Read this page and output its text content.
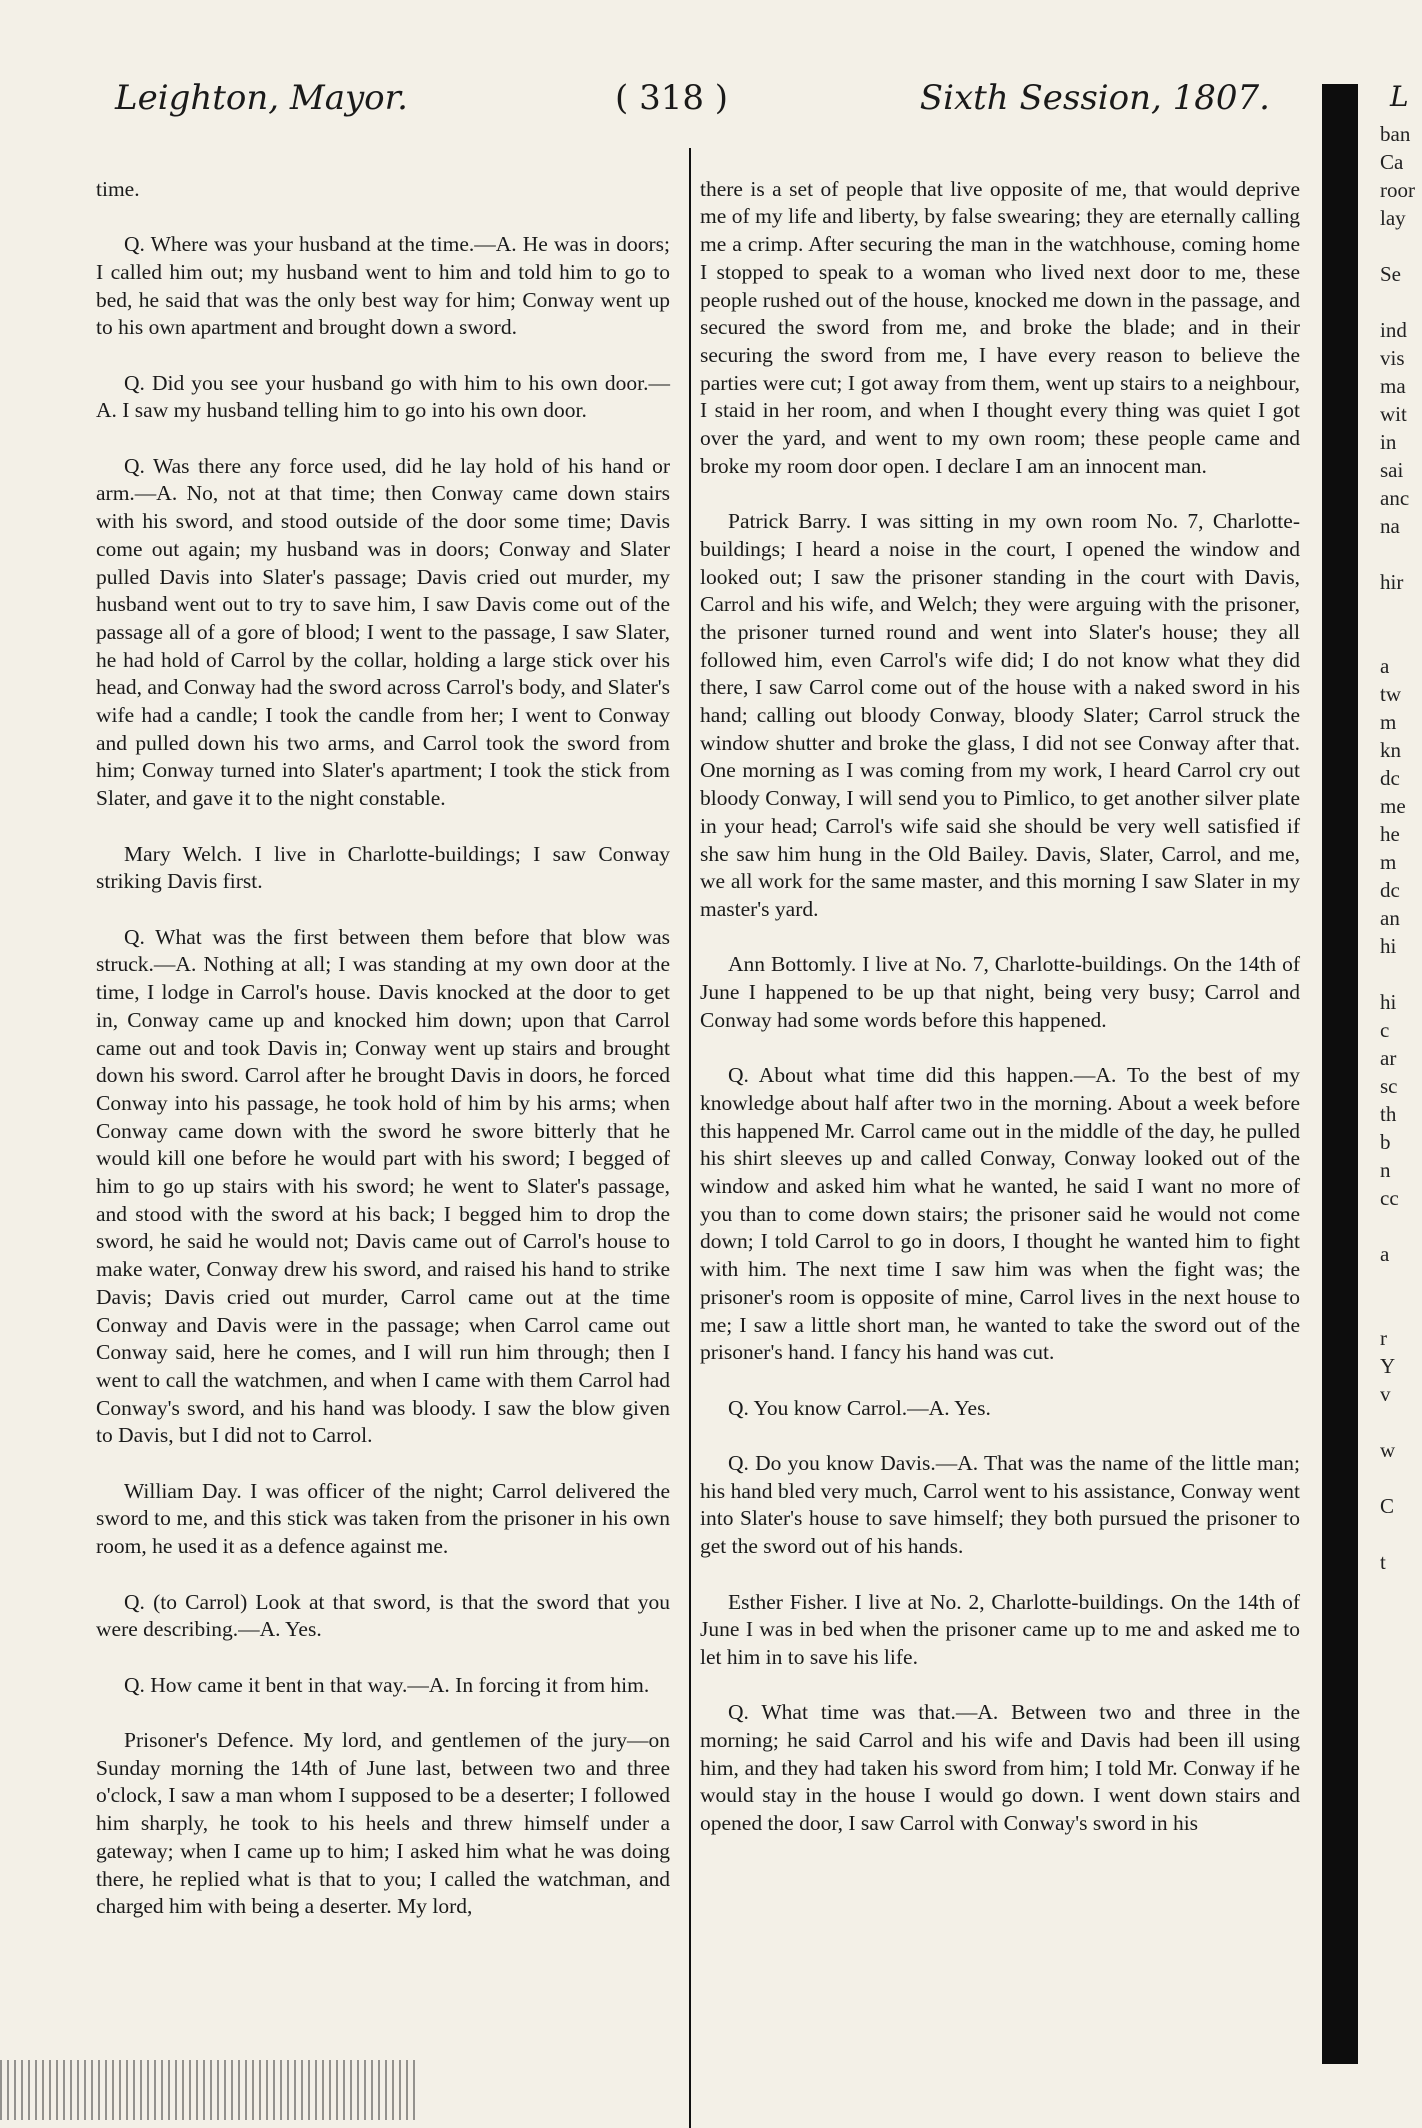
Leighton, Mayor.	( 318 )	Sixth Session, 1807.

time.

Q. Where was your husband at the time.—A. He was in doors; I called him out; my husband went to him and told him to go to bed, he said that was the only best way for him; Conway went up to his own apartment and brought down a sword.

Q. Did you see your husband go with him to his own door.—A. I saw my husband telling him to go into his own door.

Q. Was there any force used, did he lay hold of his hand or arm.—A. No, not at that time; then Conway came down stairs with his sword, and stood outside of the door some time; Davis come out again; my husband was in doors; Conway and Slater pulled Davis into Slater's passage; Davis cried out murder, my husband went out to try to save him, I saw Davis come out of the passage all of a gore of blood; I went to the passage, I saw Slater, he had hold of Carrol by the collar, holding a large stick over his head, and Conway had the sword across Carrol's body, and Slater's wife had a candle; I took the candle from her; I went to Conway and pulled down his two arms, and Carrol took the sword from him; Conway turned into Slater's apartment; I took the stick from Slater, and gave it to the night constable.

Mary Welch. I live in Charlotte-buildings; I saw Conway striking Davis first.

Q. What was the first between them before that blow was struck.—A. Nothing at all; I was standing at my own door at the time, I lodge in Carrol's house. Davis knocked at the door to get in, Conway came up and knocked him down; upon that Carrol came out and took Davis in; Conway went up stairs and brought down his sword. Carrol after he brought Davis in doors, he forced Conway into his passage, he took hold of him by his arms; when Conway came down with the sword he swore bitterly that he would kill one before he would part with his sword; I begged of him to go up stairs with his sword; he went to Slater's passage, and stood with the sword at his back; I begged him to drop the sword, he said he would not; Davis came out of Carrol's house to make water, Conway drew his sword, and raised his hand to strike Davis; Davis cried out murder, Carrol came out at the time Conway and Davis were in the passage; when Carrol came out Conway said, here he comes, and I will run him through; then I went to call the watchmen, and when I came with them Carrol had Conway's sword, and his hand was bloody. I saw the blow given to Davis, but I did not to Carrol.

William Day. I was officer of the night; Carrol delivered the sword to me, and this stick was taken from the prisoner in his own room, he used it as a defence against me.

Q. (to Carrol) Look at that sword, is that the sword that you were describing.—A. Yes.

Q. How came it bent in that way.—A. In forcing it from him.

Prisoner's Defence. My lord, and gentlemen of the jury—on Sunday morning the 14th of June last, between two and three o'clock, I saw a man whom I supposed to be a deserter; I followed him sharply, he took to his heels and threw himself under a gateway; when I came up to him; I asked him what he was doing there, he replied what is that to you; I called the watchman, and charged him with being a deserter. My lord,

there is a set of people that live opposite of me, that would deprive me of my life and liberty, by false swearing; they are eternally calling me a crimp. After securing the man in the watchhouse, coming home I stopped to speak to a woman who lived next door to me, these people rushed out of the house, knocked me down in the passage, and secured the sword from me, and broke the blade; and in their securing the sword from me, I have every reason to believe the parties were cut; I got away from them, went up stairs to a neighbour, I staid in her room, and when I thought every thing was quiet I got over the yard, and went to my own room; these people came and broke my room door open. I declare I am an innocent man.

Patrick Barry. I was sitting in my own room No. 7, Charlotte-buildings; I heard a noise in the court, I opened the window and looked out; I saw the prisoner standing in the court with Davis, Carrol and his wife, and Welch; they were arguing with the prisoner, the prisoner turned round and went into Slater's house; they all followed him, even Carrol's wife did; I do not know what they did there, I saw Carrol come out of the house with a naked sword in his hand; calling out bloody Conway, bloody Slater; Carrol struck the window shutter and broke the glass, I did not see Conway after that. One morning as I was coming from my work, I heard Carrol cry out bloody Conway, I will send you to Pimlico, to get another silver plate in your head; Carrol's wife said she should be very well satisfied if she saw him hung in the Old Bailey. Davis, Slater, Carrol, and me, we all work for the same master, and this morning I saw Slater in my master's yard.

Ann Bottomly. I live at No. 7, Charlotte-buildings. On the 14th of June I happened to be up that night, being very busy; Carrol and Conway had some words before this happened.

Q. About what time did this happen.—A. To the best of my knowledge about half after two in the morning. About a week before this happened Mr. Carrol came out in the middle of the day, he pulled his shirt sleeves up and called Conway, Conway looked out of the window and asked him what he wanted, he said I want no more of you than to come down stairs; the prisoner said he would not come down; I told Carrol to go in doors, I thought he wanted him to fight with him. The next time I saw him was when the fight was; the prisoner's room is opposite of mine, Carrol lives in the next house to me; I saw a little short man, he wanted to take the sword out of the prisoner's hand. I fancy his hand was cut.

Q. You know Carrol.—A. Yes.

Q. Do you know Davis.—A. That was the name of the little man; his hand bled very much, Carrol went to his assistance, Conway went into Slater's house to save himself; they both pursued the prisoner to get the sword out of his hands.

Esther Fisher. I live at No. 2, Charlotte-buildings. On the 14th of June I was in bed when the prisoner came up to me and asked me to let him in to save his life.

Q. What time was that.—A. Between two and three in the morning; he said Carrol and his wife and Davis had been ill using him, and they had taken his sword from him; I told Mr. Conway if he would stay in the house I would go down. I went down stairs and opened the door, I saw Carrol with Conway's sword in his

L
ban
Ca
roor
lay

Se

ind
vis
ma
wit
in
sai
anc
na

hir

a
tw
m
kn
dc
me
he
m
dc
an
hi

hi
c
ar
sc
th
b
n
cc

a

r
Y
v

w

C

t
